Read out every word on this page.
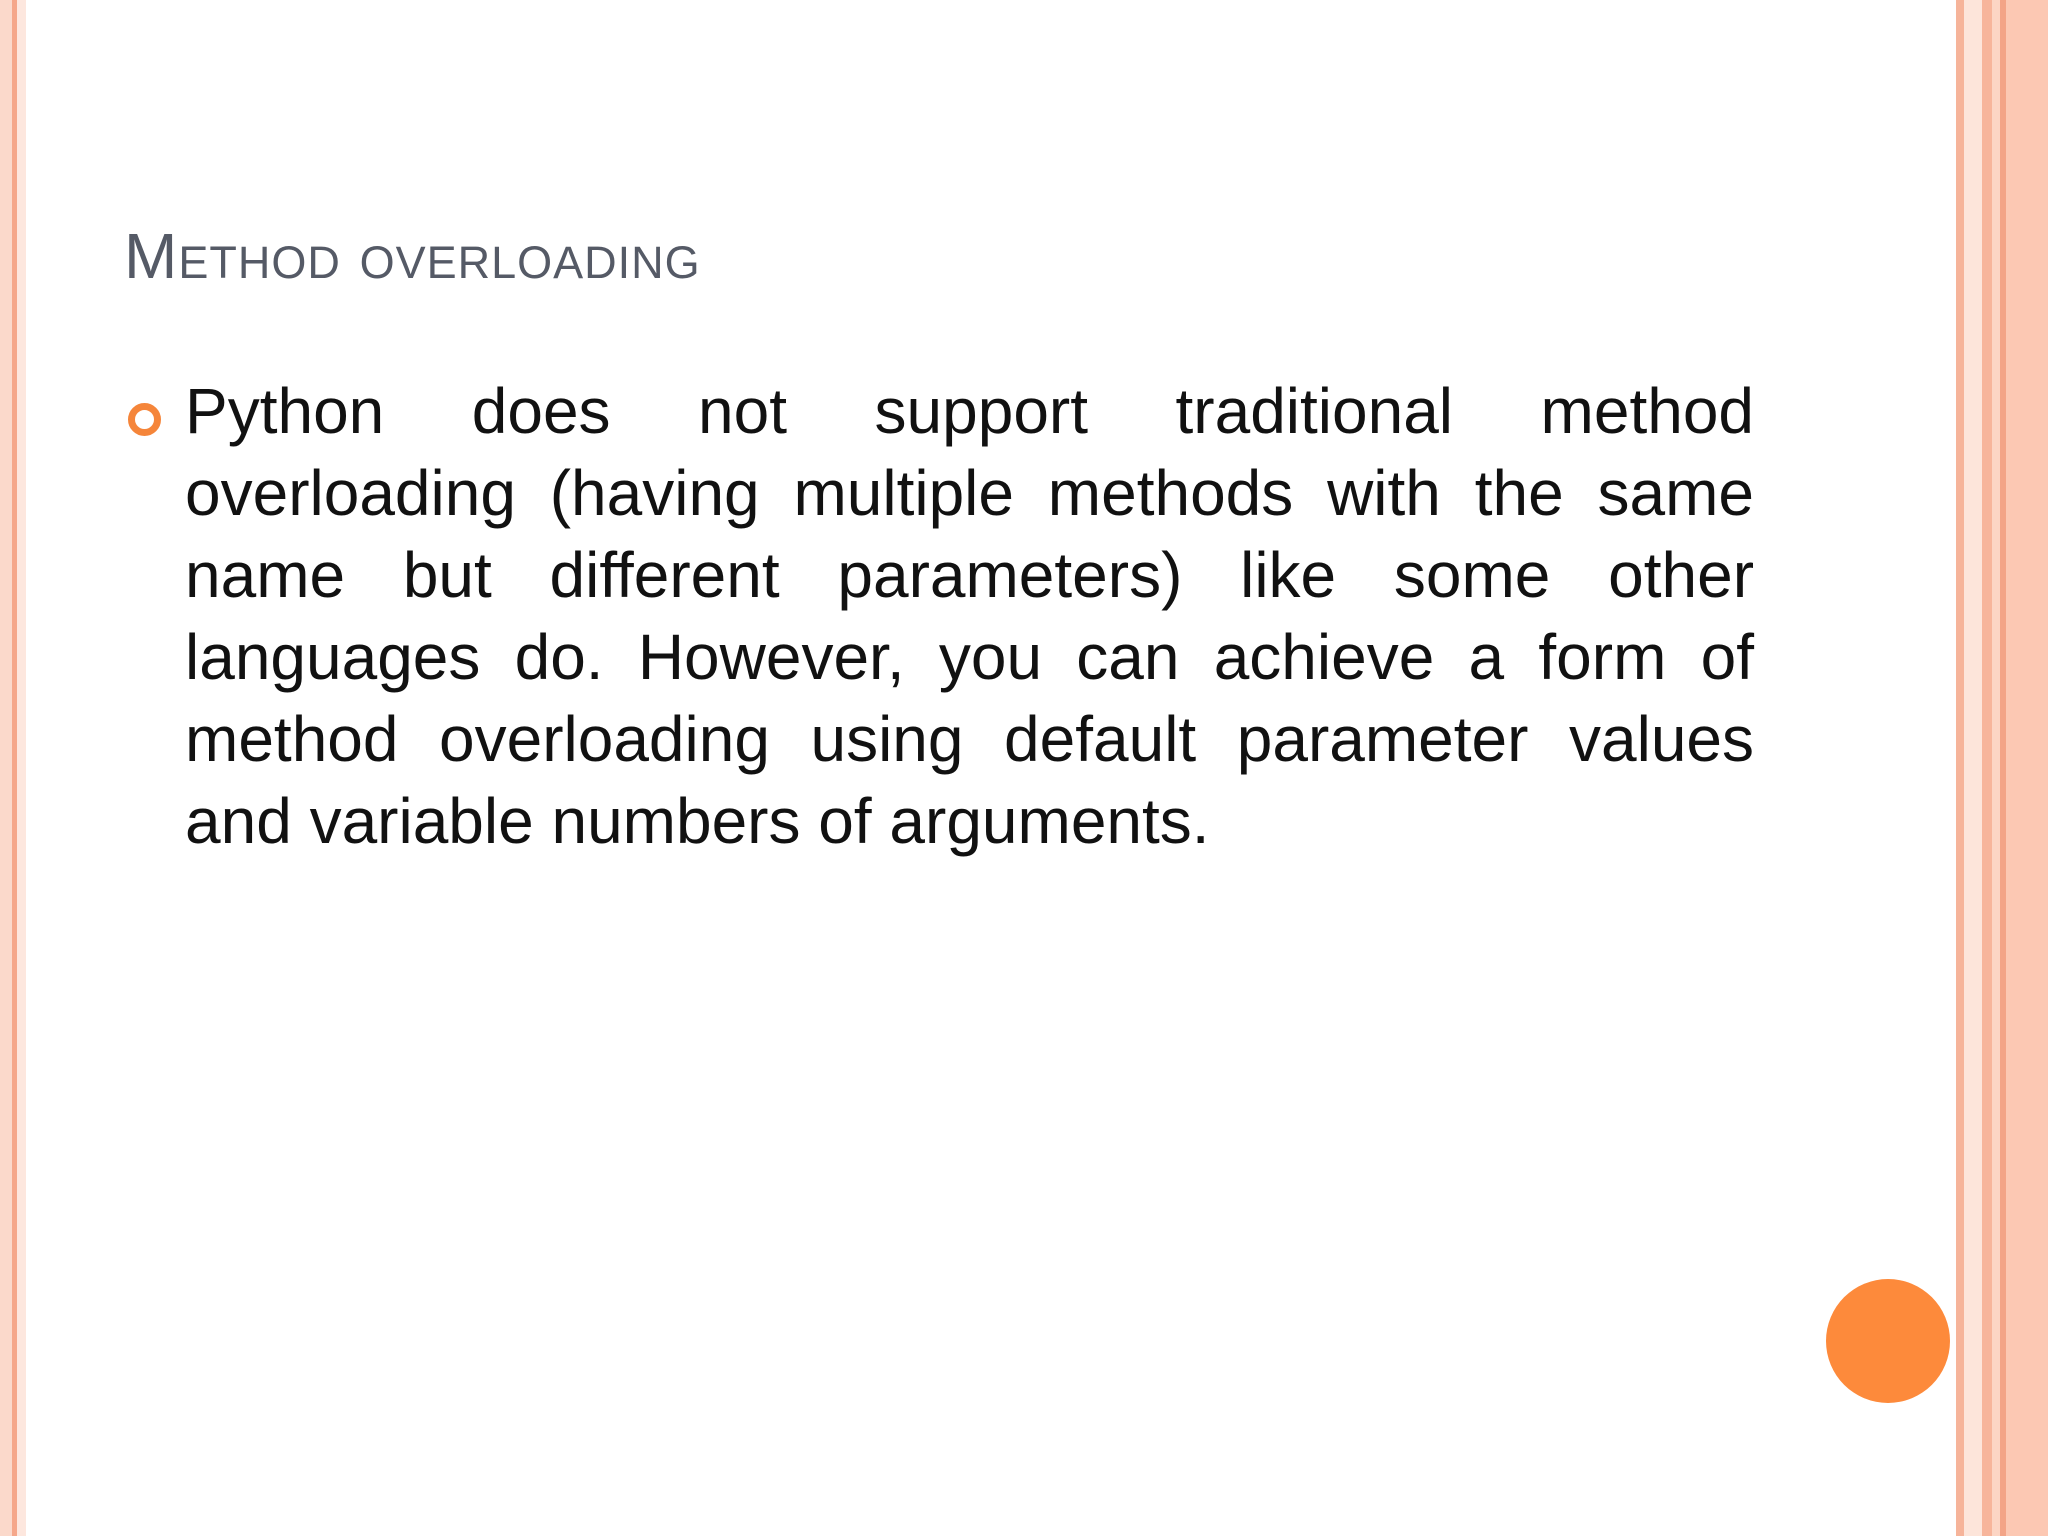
Method overloading

Python does not support traditional method overloading (having multiple methods with the same name but different parameters) like some other languages do. However, you can achieve a form of method overloading using default parameter values and variable numbers of arguments.
